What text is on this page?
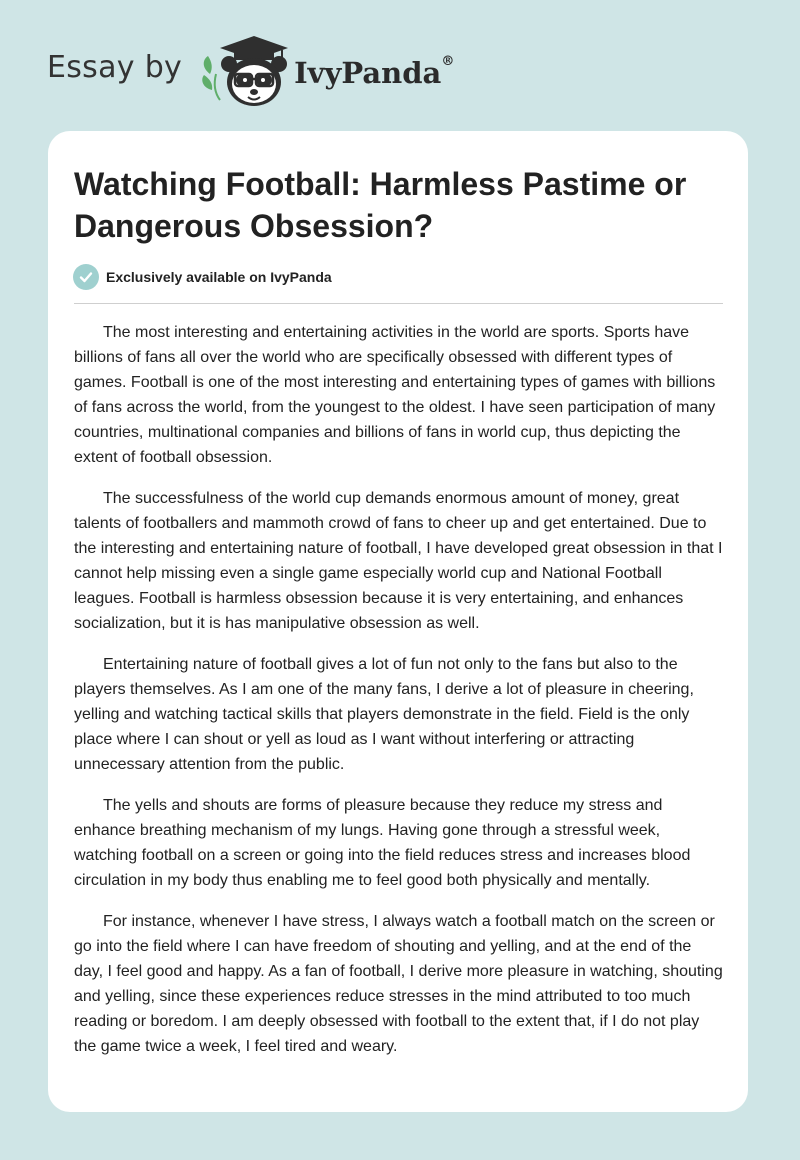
Essay by	IvyPanda®
Watching Football: Harmless Pastime or Dangerous Obsession?
Exclusively available on IvyPanda

The most interesting and entertaining activities in the world are sports. Sports have billions of fans all over the world who are specifically obsessed with different types of games. Football is one of the most interesting and entertaining types of games with billions of fans across the world, from the youngest to the oldest. I have seen participation of many countries, multinational companies and billions of fans in world cup, thus depicting the extent of football obsession.

The successfulness of the world cup demands enormous amount of money, great talents of footballers and mammoth crowd of fans to cheer up and get entertained. Due to the interesting and entertaining nature of football, I have developed great obsession in that I cannot help missing even a single game especially world cup and National Football leagues. Football is harmless obsession because it is very entertaining, and enhances socialization, but it is has manipulative obsession as well.

Entertaining nature of football gives a lot of fun not only to the fans but also to the players themselves. As I am one of the many fans, I derive a lot of pleasure in cheering, yelling and watching tactical skills that players demonstrate in the field. Field is the only place where I can shout or yell as loud as I want without interfering or attracting unnecessary attention from the public.

The yells and shouts are forms of pleasure because they reduce my stress and enhance breathing mechanism of my lungs. Having gone through a stressful week, watching football on a screen or going into the field reduces stress and increases blood circulation in my body thus enabling me to feel good both physically and mentally.

For instance, whenever I have stress, I always watch a football match on the screen or go into the field where I can have freedom of shouting and yelling, and at the end of the day, I feel good and happy. As a fan of football, I derive more pleasure in watching, shouting and yelling, since these experiences reduce stresses in the mind attributed to too much reading or boredom. I am deeply obsessed with football to the extent that, if I do not play the game twice a week, I feel tired and weary.
